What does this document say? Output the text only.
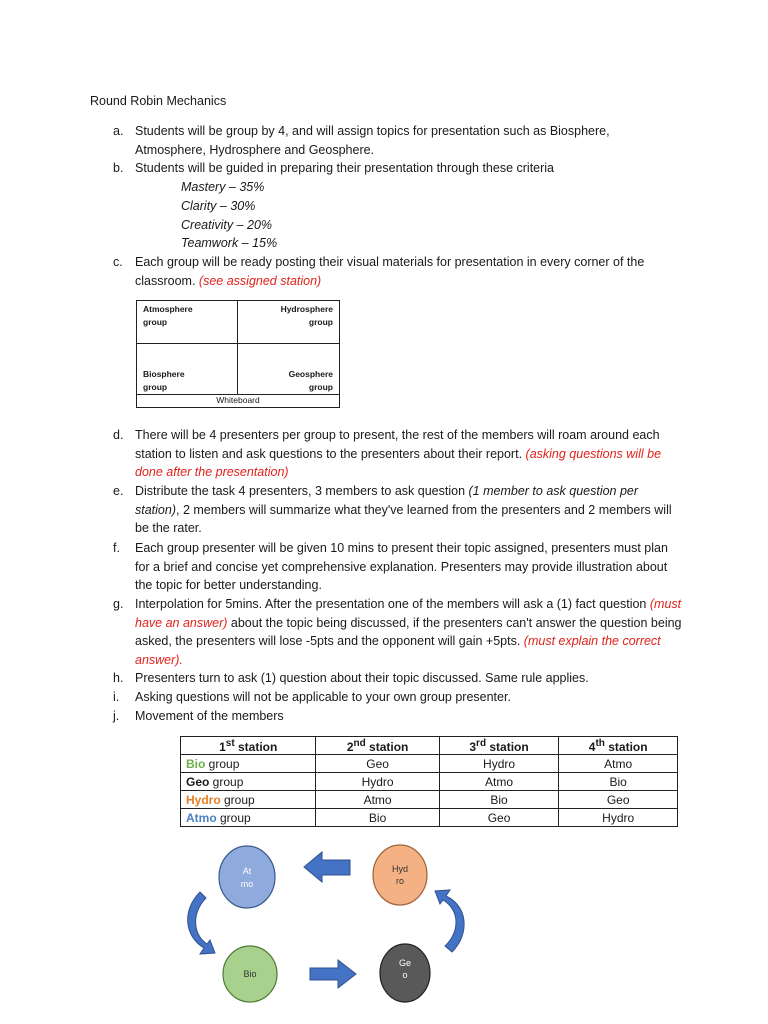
Round Robin Mechanics
a. Students will be group by 4, and will assign topics for presentation such as Biosphere,
Atmosphere, Hydrosphere and Geosphere.
b. Students will be guided in preparing their presentation through these criteria
Mastery – 35%
Clarity – 30%
Creativity – 20%
Teamwork – 15%
c. Each group will be ready posting their visual materials for presentation in every corner of the classroom. (see assigned station)
Atmosphere
group
Hydrosphere
group
Biosphere
group
Geosphere
group
Whiteboard
d. There will be 4 presenters per group to present, the rest of the members will roam around each station to listen and ask questions to the presenters about their report. (asking questions will be done after the presentation)
e. Distribute the task 4 presenters, 3 members to ask question (1 member to ask question per station), 2 members will summarize what they've learned from the presenters and 2 members will be the rater.
f.	Each group presenter will be given 10 mins to present their topic assigned, presenters must plan for a brief and concise yet comprehensive explanation. Presenters may provide illustration about the topic for better understanding.
g. Interpolation for 5mins. After the presentation one of the members will ask a (1) fact question (must have an answer) about the topic being discussed, if the presenters can't answer the question being asked, the presenters will lose -5pts and the opponent will gain +5pts. (must explain the correct answer).
h. Presenters turn to ask (1) question about their topic discussed. Same rule applies.
i.	Asking questions will not be applicable to your own group presenter.
j.	Movement of the members
1st station	2nd station	3rd station	4th station
Bio group	Geo	Hydro	Atmo
Geo group	Hydro	Atmo	Bio
Hydro group	Atmo	Bio	Geo
Atmo group	Bio	Geo	Hydro
At
mo
Hyd
ro
Bio
Ge
o
